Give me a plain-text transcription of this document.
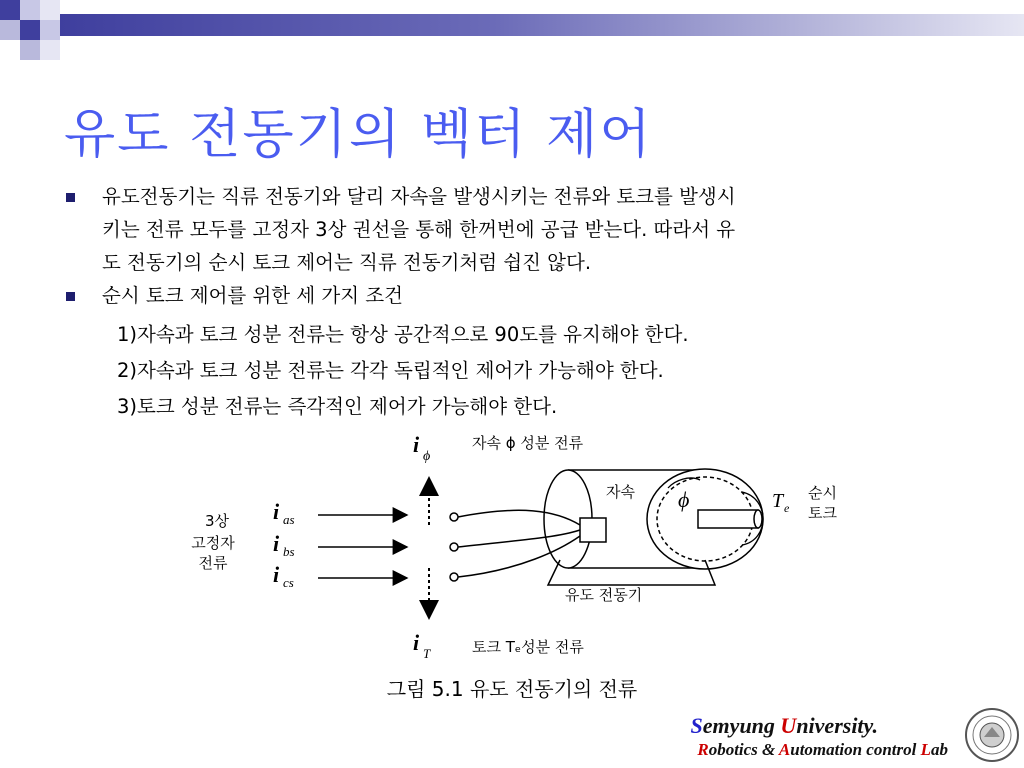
유도 전동기의 벡터 제어
유도전동기는 직류 전동기와 달리 자속을 발생시키는 전류와 토크를 발생시
키는 전류 모두를 고정자 3상 권선을 통해 한꺼번에 공급 받는다. 따라서 유
도 전동기의 순시 토크 제어는 직류 전동기처럼 쉽진 않다.
순시 토크 제어를 위한 세 가지 조건
1)자속과 토크 성분 전류는 항상 공간적으로 90도를 유지해야 한다.
2)자속과 토크 성분 전류는 각각 독립적인 제어가 가능해야 한다.
3)토크 성분 전류는 즉각적인 제어가 가능해야 한다.
3상
고정자
전류
i as
i bs
i cs
i ϕ
자속 ϕ 성분 전류
i T	토크 Tₑ성분 전류
자속 ϕ	T e
순시
토크
유도 전동기
그림 5.1 유도 전동기의 전류
Semyung University.
Robotics & Automation control Lab
